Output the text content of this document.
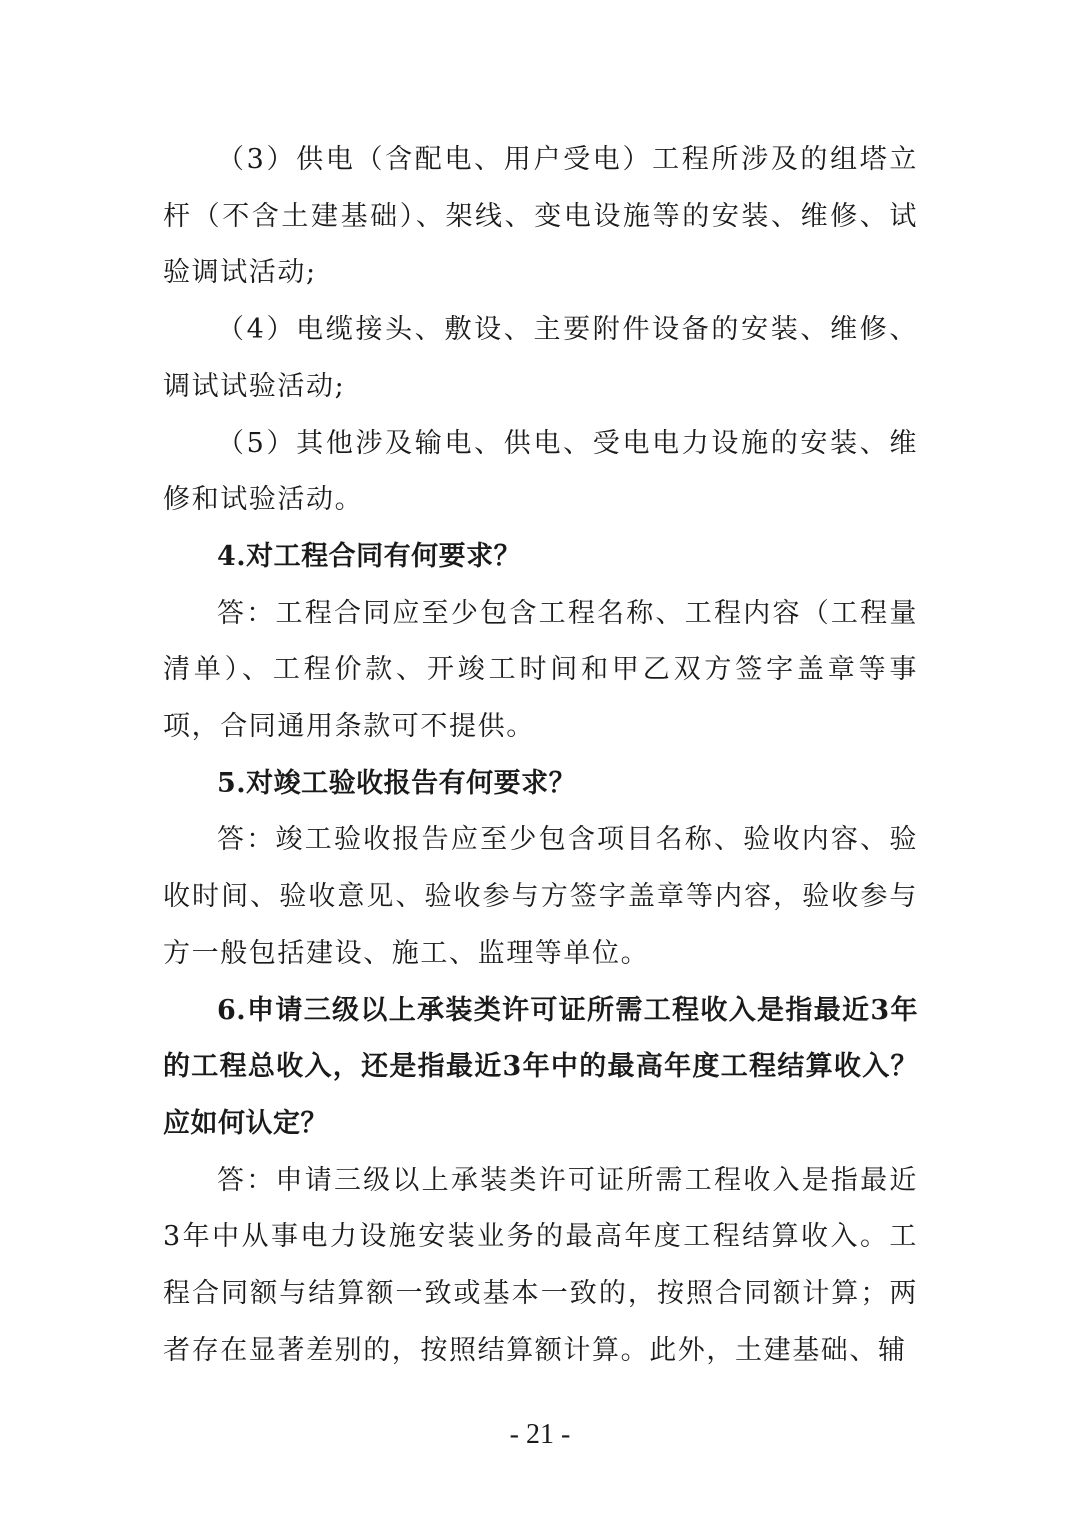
（3）供电（含配电、用户受电）工程所涉及的组塔立杆（不含土建基础）、架线、变电设施等的安装、维修、试验调试活动;

（4）电缆接头、敷设、主要附件设备的安装、维修、调试试验活动;

（5）其他涉及输电、供电、受电电力设施的安装、维修和试验活动。

4.对工程合同有何要求？

答：工程合同应至少包含工程名称、工程内容（工程量清单）、工程价款、开竣工时间和甲乙双方签字盖章等事项，合同通用条款可不提供。

5.对竣工验收报告有何要求？

答：竣工验收报告应至少包含项目名称、验收内容、验收时间、验收意见、验收参与方签字盖章等内容，验收参与方一般包括建设、施工、监理等单位。

6.申请三级以上承装类许可证所需工程收入是指最近3年的工程总收入，还是指最近3年中的最高年度工程结算收入？应如何认定？

答：申请三级以上承装类许可证所需工程收入是指最近3年中从事电力设施安装业务的最高年度工程结算收入。工程合同额与结算额一致或基本一致的，按照合同额计算；两者存在显著差别的，按照结算额计算。此外，土建基础、辅

- 21 -
